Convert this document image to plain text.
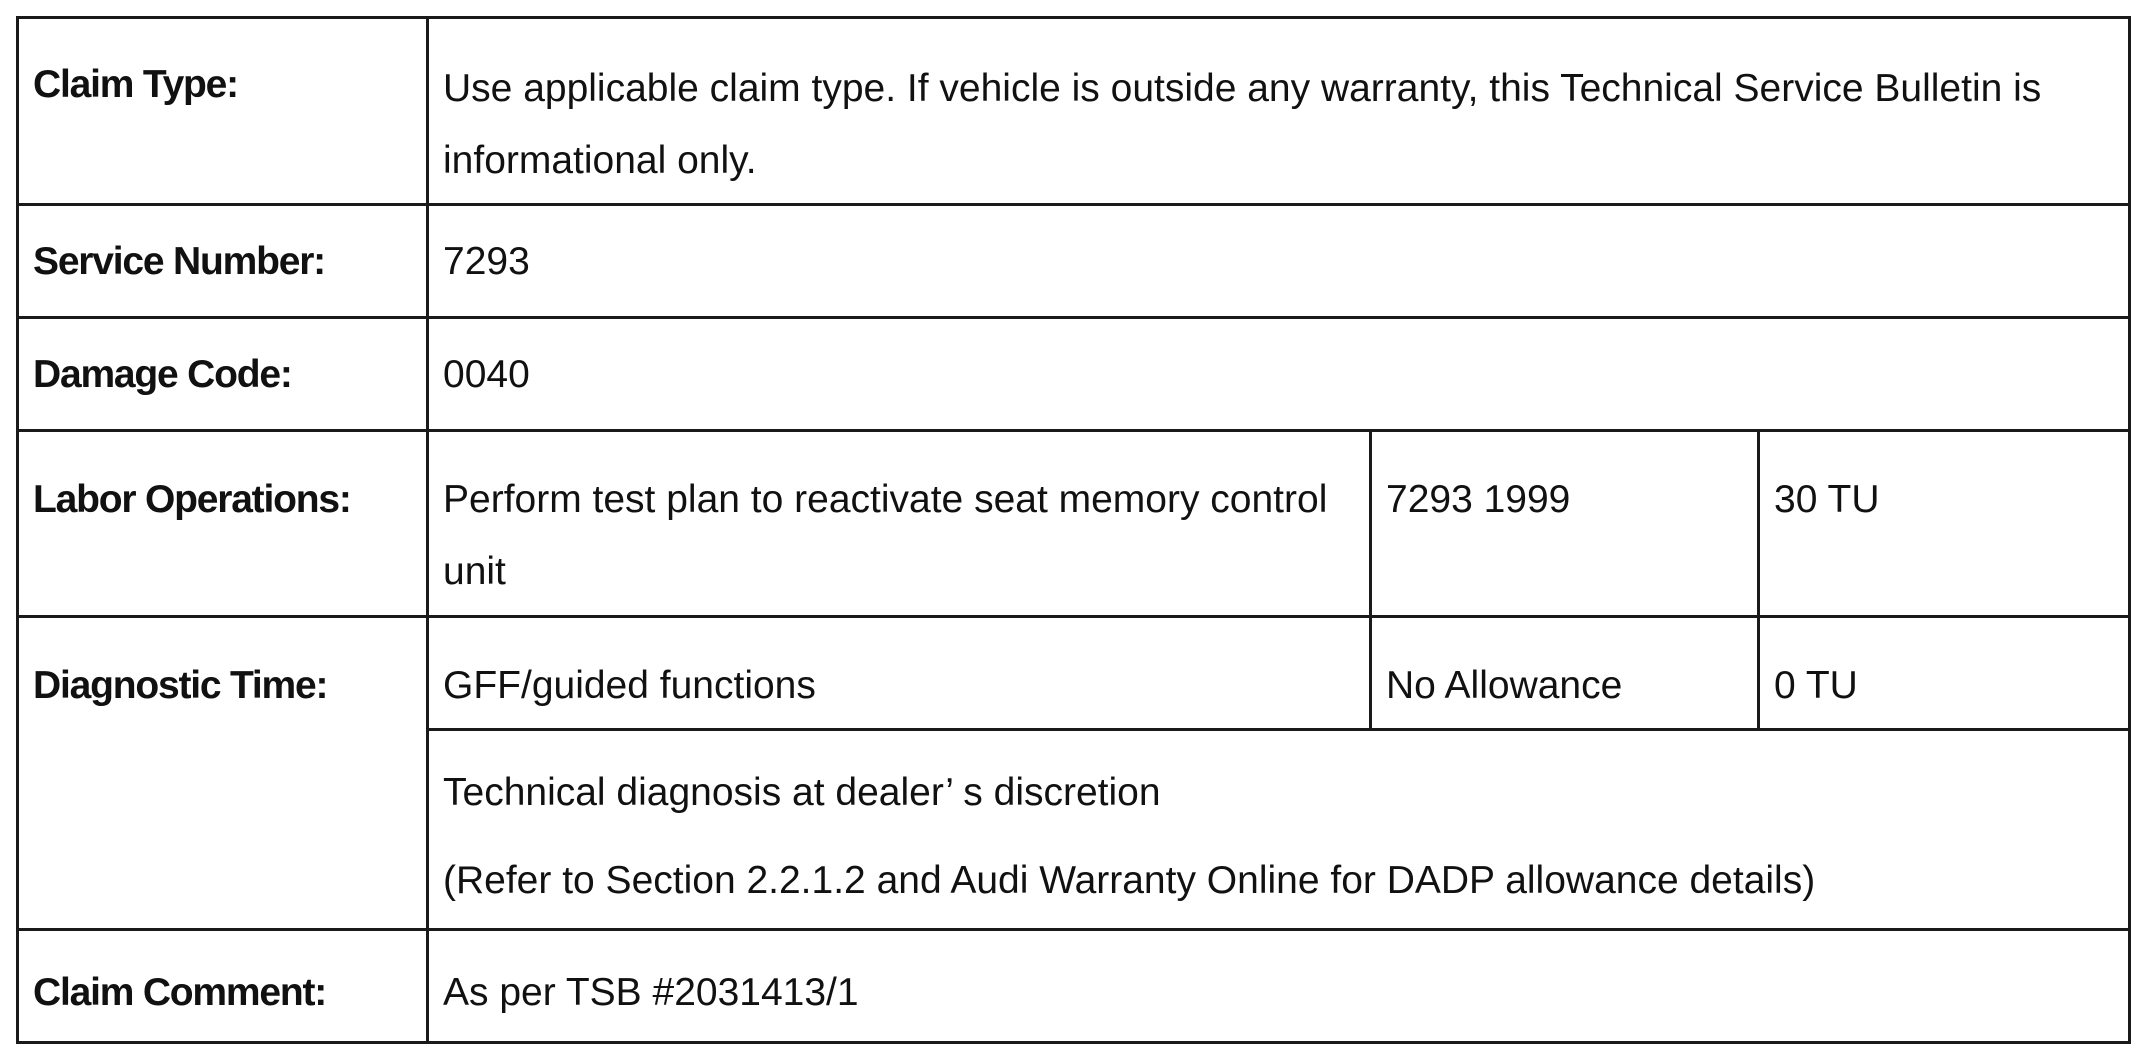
Claim Type:	Use applicable claim type. If vehicle is outside any warranty, this Technical Service Bulletin is informational only.		

Service Number:	7293		

Damage Code:	0040		

Labor Operations:	Perform test plan to reactivate seat memory control unit	7293 1999	30 TU

Diagnostic Time:	GFF/guided functions	No Allowance	0 TU

	Technical diagnosis at dealer’ s discretion
(Refer to Section 2.2.1.2 and Audi Warranty Online for DADP allowance details)		

Claim Comment:	As per TSB #2031413/1		
